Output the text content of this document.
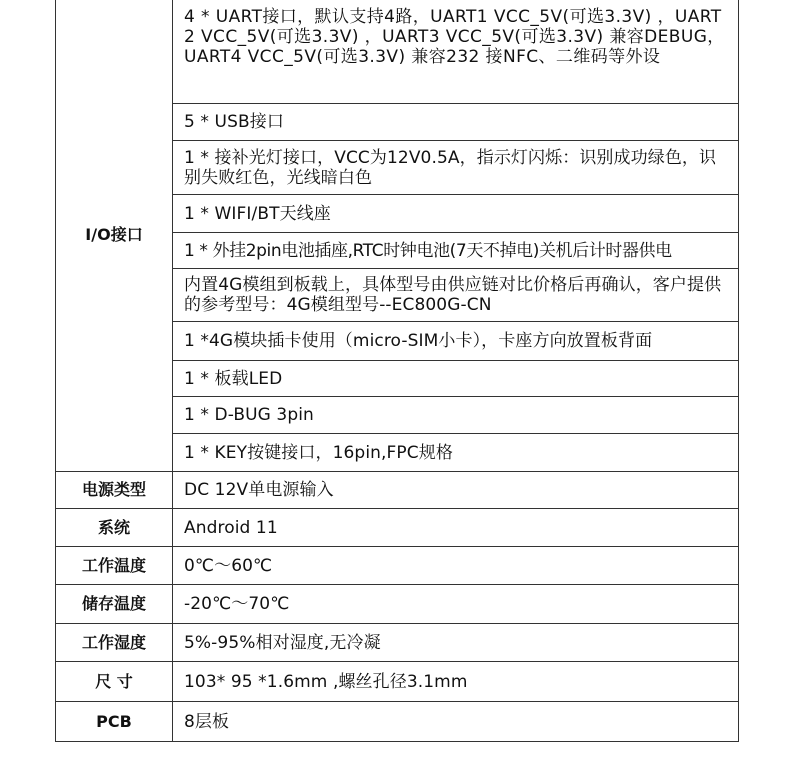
I/O接口	4 * UART接口，默认支持4路，UART1 VCC_5V(可选3.3V) ，UART2 VCC_5V(可选3.3V) ，UART3 VCC_5V(可选3.3V) 兼容DEBUG，UART4 VCC_5V(可选3.3V) 兼容232 接NFC、二维码等外设

	5 * USB接口

	1 * 接补光灯接口，VCC为12V0.5A，指示灯闪烁：识别成功绿色，识别失败红色，光线暗白色

	1 * WIFI/BT天线座

	1 * 外挂2pin电池插座,RTC时钟电池(7天不掉电)关机后计时器供电

	内置4G模组到板载上，具体型号由供应链对比价格后再确认，客户提供的参考型号：4G模组型号--EC800G-CN

	1 *4G模块插卡使用（micro-SIM小卡），卡座方向放置板背面

	1 * 板载LED

	1 * D-BUG 3pin

	1 * KEY按键接口，16pin,FPC规格

电源类型	DC 12V单电源输入
系统	Android 11
工作温度	0℃～60℃
储存温度	-20℃～70℃
工作湿度	5%-95%相对湿度,无冷凝
尺 寸	103* 95 *1.6mm ,螺丝孔径3.1mm
PCB	8层板
